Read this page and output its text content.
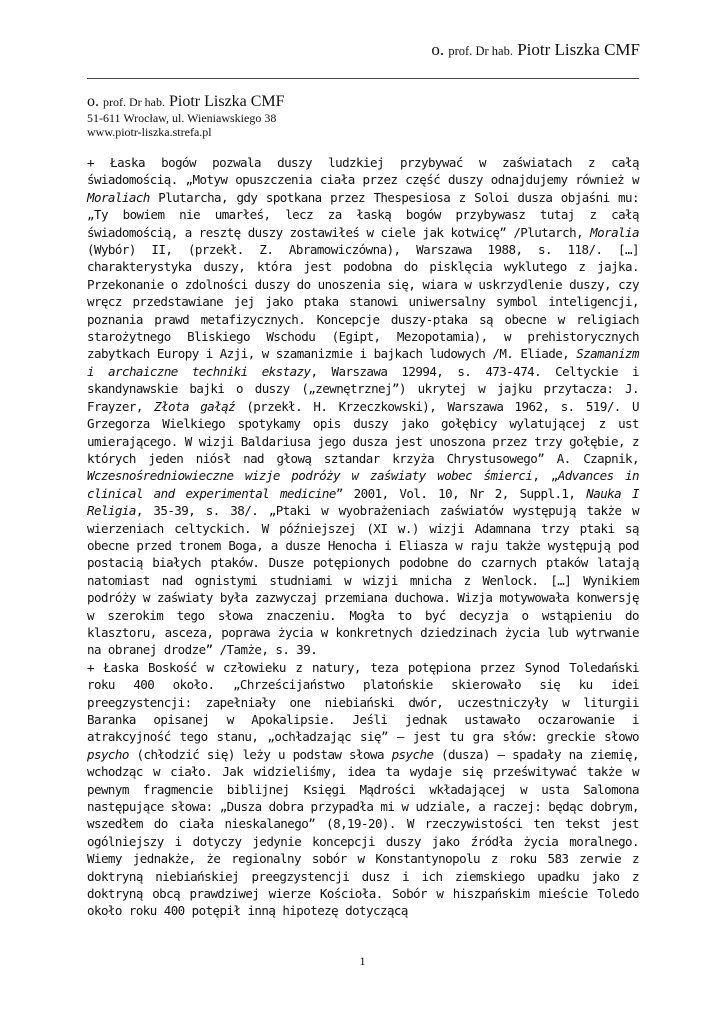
o. prof. Dr hab. Piotr Liszka CMF
o. prof. Dr hab. Piotr Liszka CMF
51-611 Wrocław, ul. Wieniawskiego 38
www.piotr-liszka.strefa.pl

+ Łaska bogów pozwala duszy ludzkiej przybywać w zaświatach z całą świadomością. „Motyw opuszczenia ciała przez część duszy odnajdujemy również w Moraliach Plutarcha, gdy spotkana przez Thespesiosa z Soloi dusza objaśni mu: „Ty bowiem nie umarłeś, lecz za łaską bogów przybywasz tutaj z całą świadomością, a resztę duszy zostawiłeś w ciele jak kotwicę” /Plutarch, Moralia (Wybór) II, (przekł. Z. Abramowiczówna), Warszawa 1988, s. 118/. […] charakterystyka duszy, która jest podobna do pisklęcia wyklutego z jajka. Przekonanie o zdolności duszy do unoszenia się, wiara w uskrzydlenie duszy, czy wręcz przedstawiane jej jako ptaka stanowi uniwersalny symbol inteligencji, poznania prawd metafizycznych. Koncepcje duszy-ptaka są obecne w religiach starożytnego Bliskiego Wschodu (Egipt, Mezopotamia), w prehistorycznych zabytkach Europy i Azji, w szamanizmie i bajkach ludowych /M. Eliade, Szamanizm i archaiczne techniki ekstazy, Warszawa 12994, s. 473-474. Celtyckie i skandynawskie bajki o duszy („zewnętrznej”) ukrytej w jajku przytacza: J. Frayzer, Złota gałąź (przekł. H. Krzeczkowski), Warszawa 1962, s. 519/. U Grzegorza Wielkiego spotykamy opis duszy jako gołębicy wylatującej z ust umierającego. W wizji Baldariusa jego dusza jest unoszona przez trzy gołębie, z których jeden niósł nad głową sztandar krzyża Chrystusowego” A. Czapnik, Wczesnośredniowieczne wizje podróży w zaświaty wobec śmierci, „Advances in clinical and experimental medicine” 2001, Vol. 10, Nr 2, Suppl.1, Nauka I Religia, 35-39, s. 38/. „Ptaki w wyobrażeniach zaświatów występują także w wierzeniach celtyckich. W późniejszej (XI w.) wizji Adamnana trzy ptaki są obecne przed tronem Boga, a dusze Henocha i Eliasza w raju także występują pod postacią białych ptaków. Dusze potępionych podobne do czarnych ptaków latają natomiast nad ognistymi studniami w wizji mnicha z Wenlock. […] Wynikiem podróży w zaświaty była zazwyczaj przemiana duchowa. Wizja motywowała konwersję w szerokim tego słowa znaczeniu. Mogła to być decyzja o wstąpieniu do klasztoru, asceza, poprawa życia w konkretnych dziedzinach życia lub wytrwanie na obranej drodze” /Tamże, s. 39.

+ Łaska Boskość w człowieku z natury, teza potępiona przez Synod Toledański roku 400 około. „Chrześcijaństwo platońskie skierowało się ku idei preegzystencji: zapełniały one niebiański dwór, uczestniczyły w liturgii Baranka opisanej w Apokalipsie. Jeśli jednak ustawało oczarowanie i atrakcyjność tego stanu, „ochładzając się” – jest tu gra słów: greckie słowo psycho (chłodzić się) leży u podstaw słowa psyche (dusza) – spadały na ziemię, wchodząc w ciało. Jak widzieliśmy, idea ta wydaje się prześwitywać także w pewnym fragmencie biblijnej Księgi Mądrości wkładającej w usta Salomona następujące słowa: „Dusza dobra przypadła mi w udziale, a raczej: będąc dobrym, wszedłem do ciała nieskalanego” (8,19-20). W rzeczywistości ten tekst jest ogólniejszy i dotyczy jedynie koncepcji duszy jako źródła życia moralnego. Wiemy jednakże, że regionalny sobór w Konstantynopolu z roku 583 zerwie z doktryną niebiańskiej preegzystencji dusz i ich ziemskiego upadku jako z doktryną obcą prawdziwej wierze Kościoła. Sobór w hiszpańskim mieście Toledo około roku 400 potępił inną hipotezę dotyczącą

1
